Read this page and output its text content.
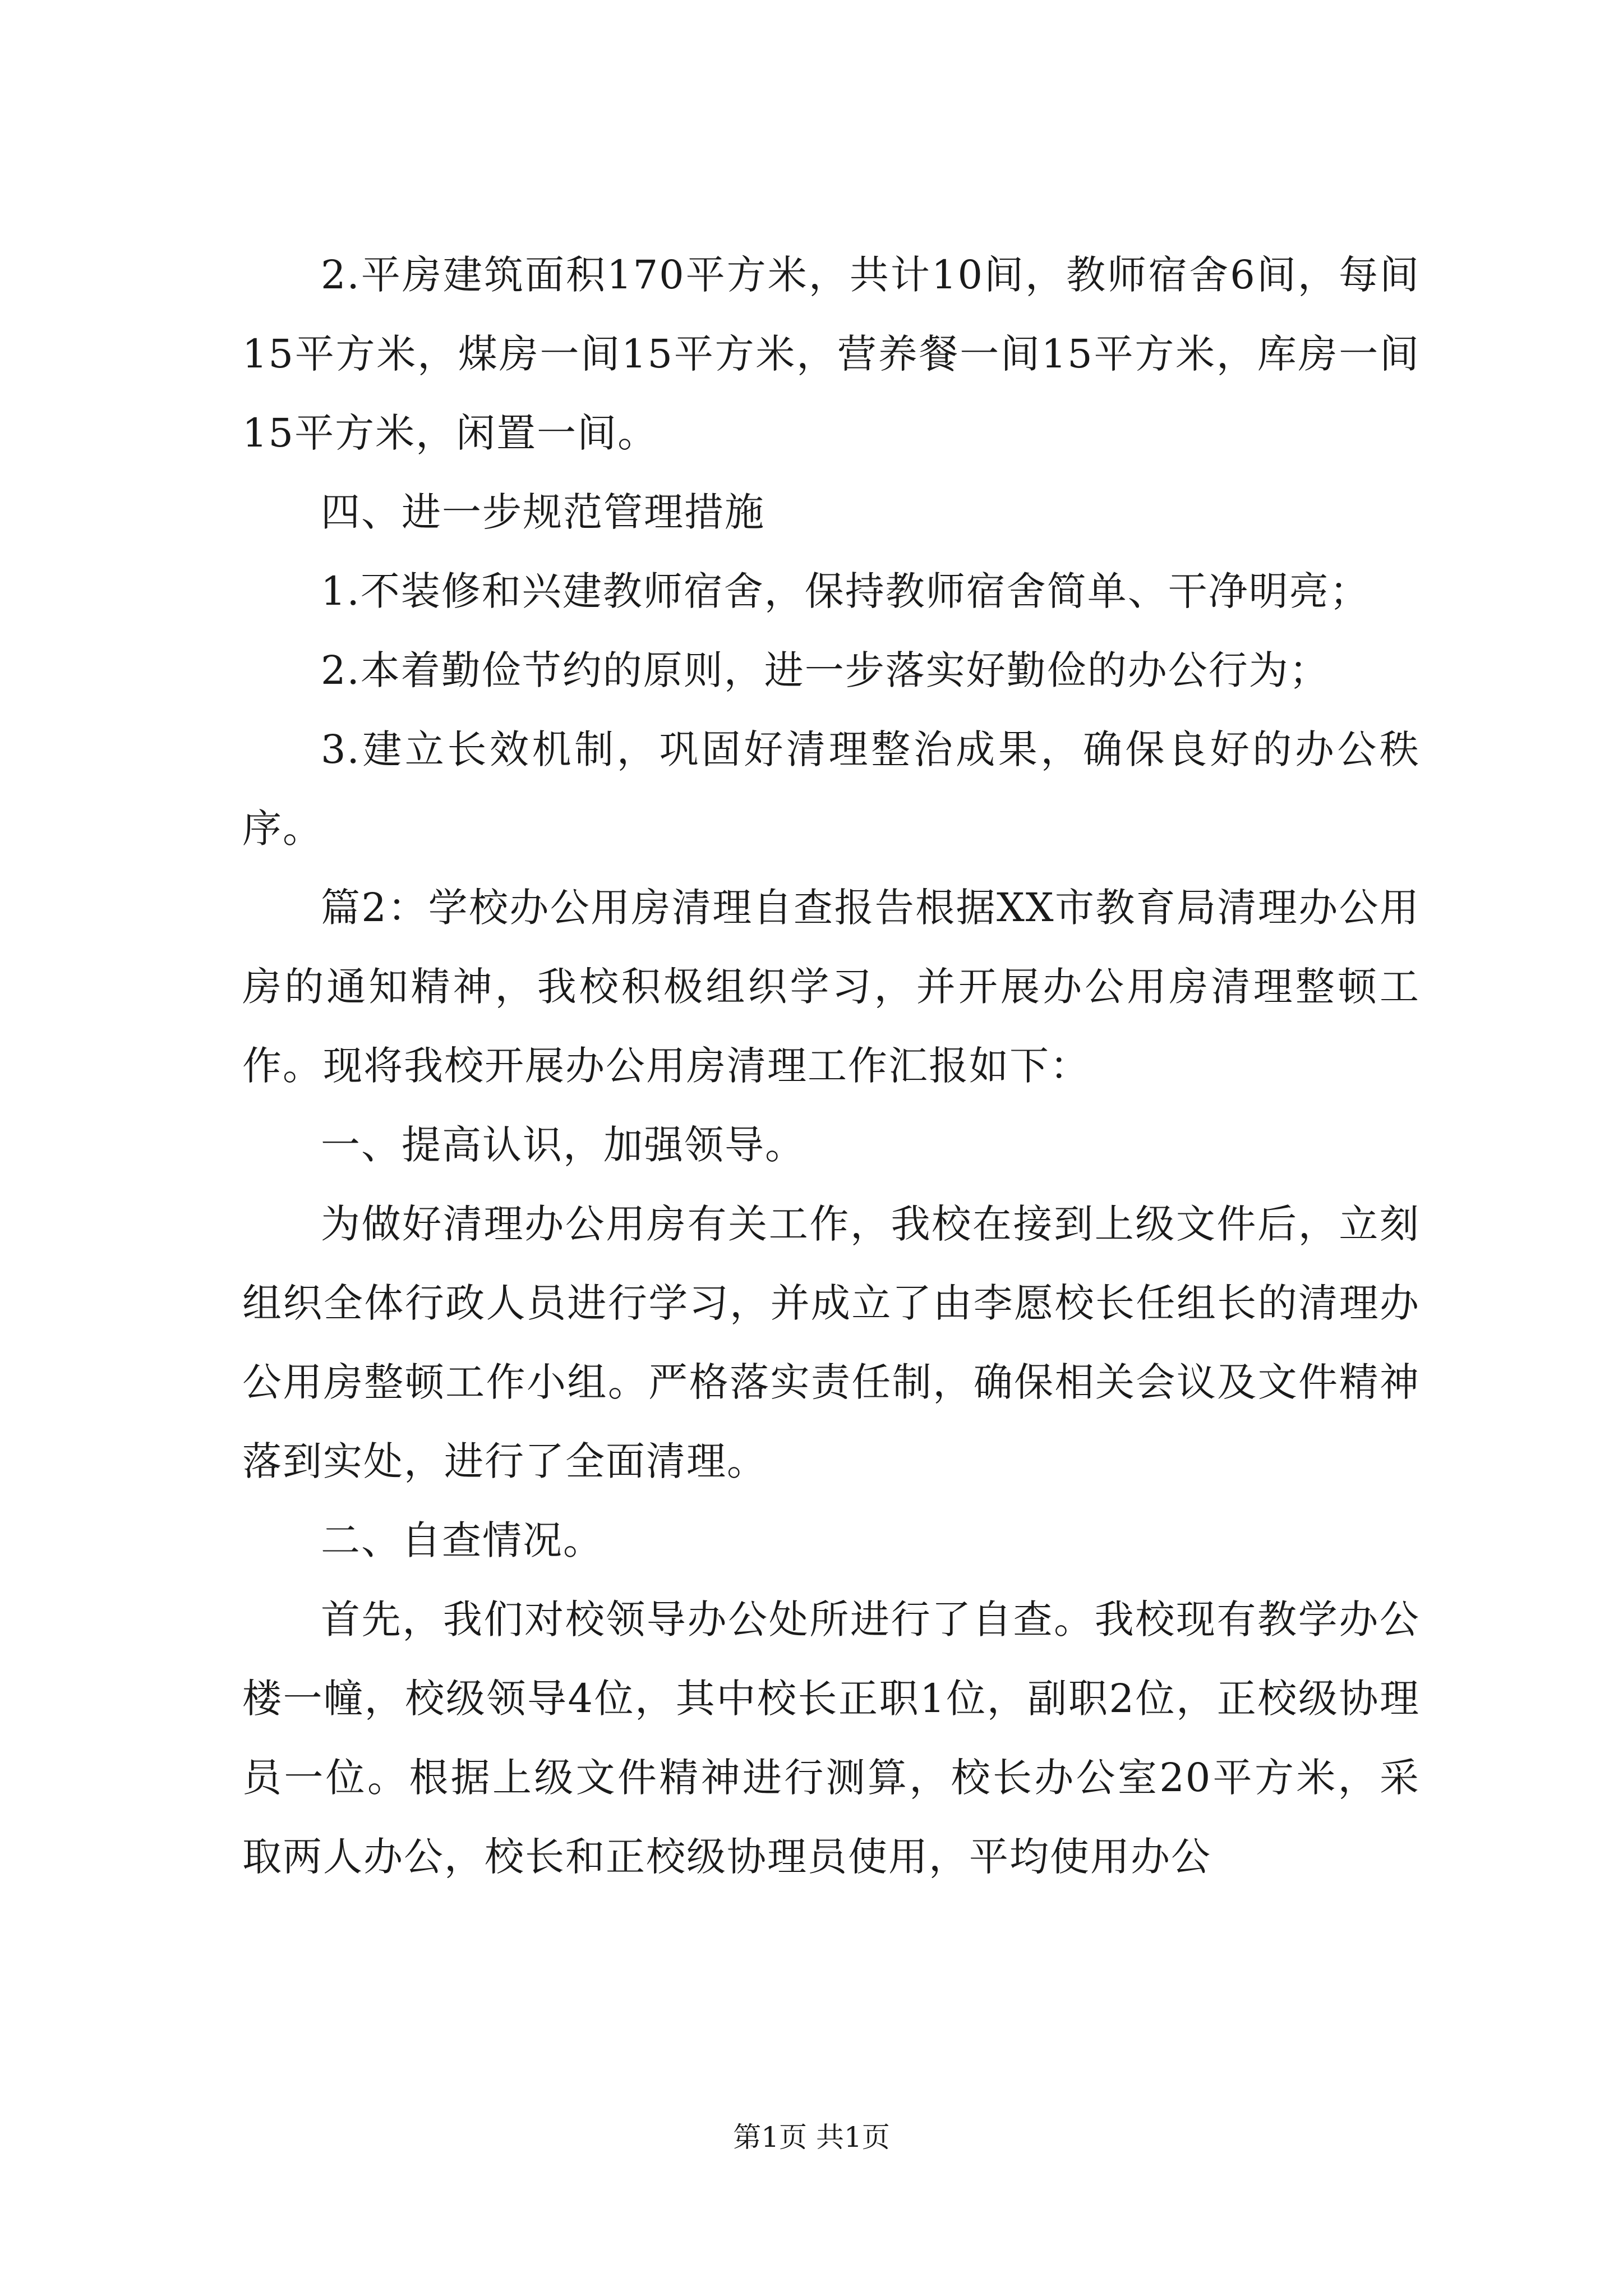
2.平房建筑面积170平方米，共计10间，教师宿舍6间，每间15平方米，煤房一间15平方米，营养餐一间15平方米，库房一间15平方米，闲置一间。

四、进一步规范管理措施

1.不装修和兴建教师宿舍，保持教师宿舍简单、干净明亮；

2.本着勤俭节约的原则，进一步落实好勤俭的办公行为；

3.建立长效机制，巩固好清理整治成果，确保良好的办公秩序。

篇2：学校办公用房清理自查报告根据XX市教育局清理办公用房的通知精神，我校积极组织学习，并开展办公用房清理整顿工作。现将我校开展办公用房清理工作汇报如下：

一、提高认识，加强领导。

为做好清理办公用房有关工作，我校在接到上级文件后，立刻组织全体行政人员进行学习，并成立了由李愿校长任组长的清理办公用房整顿工作小组。严格落实责任制，确保相关会议及文件精神落到实处，进行了全面清理。

二、自查情况。

首先，我们对校领导办公处所进行了自查。我校现有教学办公楼一幢，校级领导4位，其中校长正职1位，副职2位，正校级协理员一位。根据上级文件精神进行测算，校长办公室20平方米，采取两人办公，校长和正校级协理员使用，平均使用办公

第1页 共1页
